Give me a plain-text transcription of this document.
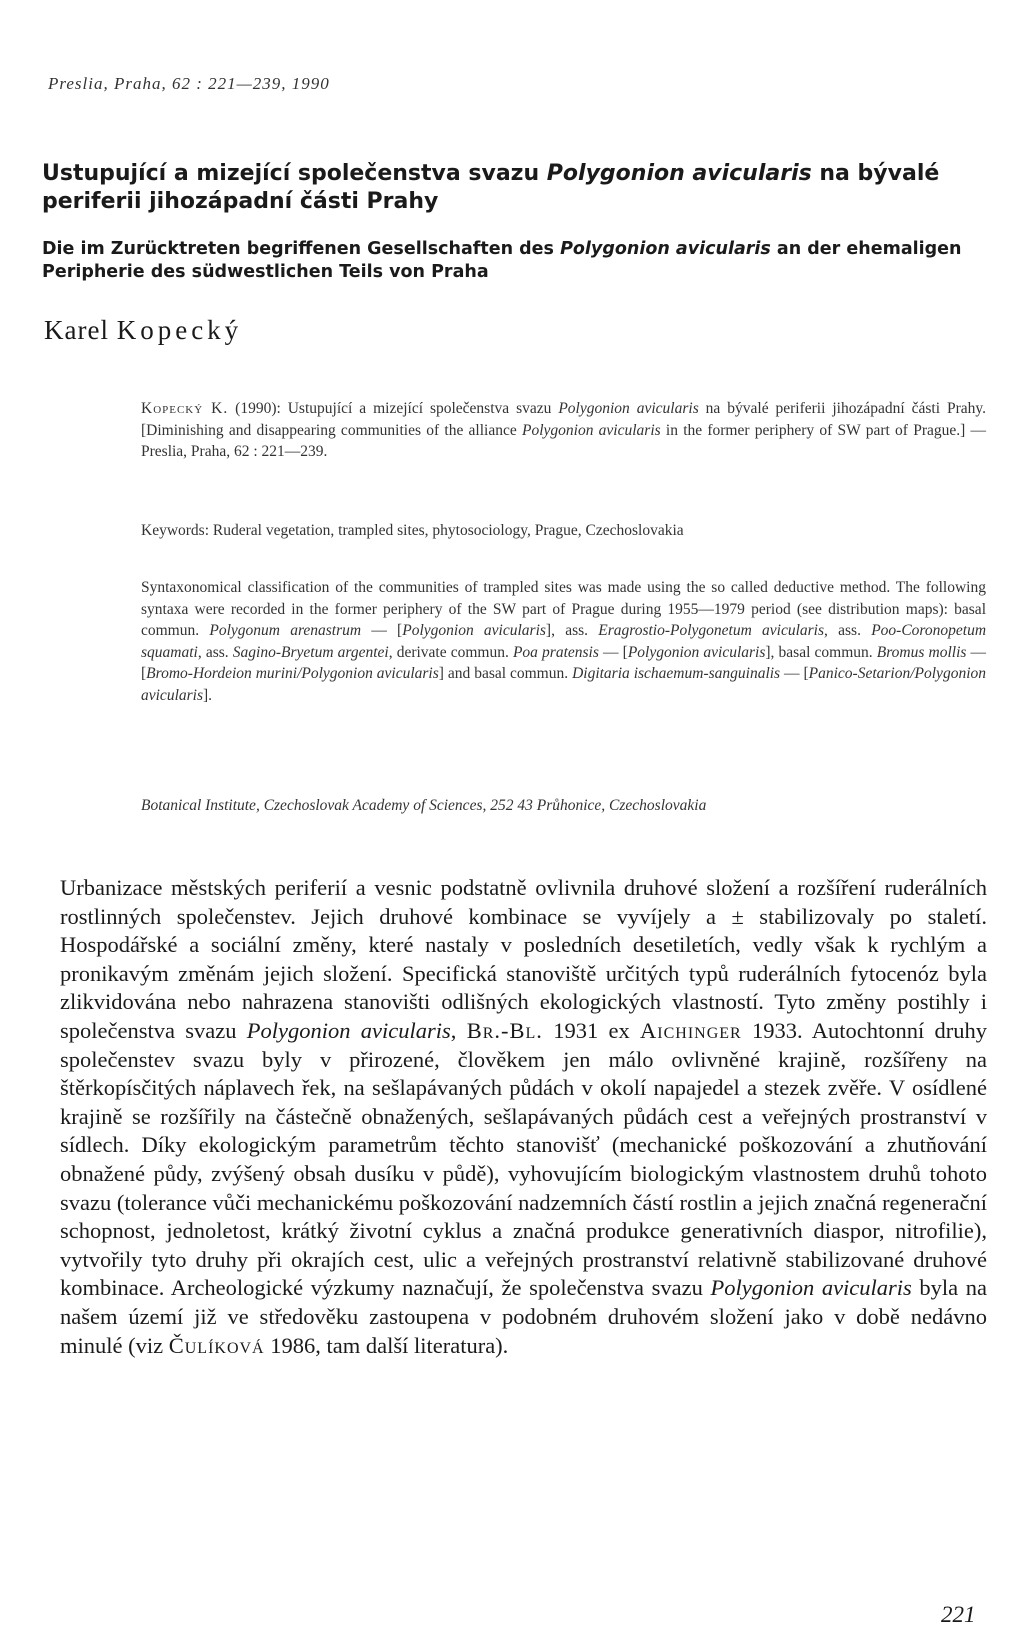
Preslia, Praha, 62 : 221—239, 1990
Ustupující a mizející společenstva svazu Polygonion avicularis na bývalé periferii jihozápadní části Prahy
Die im Zurücktreten begriffenen Gesellschaften des Polygonion avicularis an der ehemaligen Peripherie des südwestlichen Teils von Praha
Karel Kopecký
Kopecký K. (1990): Ustupující a mizející společenstva svazu Polygonion avicularis na bývalé periferii jihozápadní části Prahy. [Diminishing and disappearing communities of the alliance Polygonion avicularis in the former periphery of SW part of Prague.] — Preslia, Praha, 62 : 221—239.
Keywords: Ruderal vegetation, trampled sites, phytosociology, Prague, Czechoslovakia
Syntaxonomical classification of the communities of trampled sites was made using the so called deductive method. The following syntaxa were recorded in the former periphery of the SW part of Prague during 1955—1979 period (see distribution maps): basal commun. Polygonum arenastrum — [Polygonion avicularis], ass. Eragrostio-Polygonetum avicularis, ass. Poo-Coronopetum squamati, ass. Sagino-Bryetum argentei, derivate commun. Poa pratensis — [Polygonion avicularis], basal commun. Bromus mollis — [Bromo-Hordeion murini/Polygonion avicularis] and basal commun. Digitaria ischaemum-sanguinalis — [Panico-Setarion/Polygonion avicularis].
Botanical Institute, Czechoslovak Academy of Sciences, 252 43 Průhonice, Czechoslovakia
Urbanizace městských periferií a vesnic podstatně ovlivnila druhové složení a rozšíření ruderálních rostlinných společenstev. Jejich druhové kombinace se vyvíjely a ± stabilizovaly po staletí. Hospodářské a sociální změny, které nastaly v posledních desetiletích, vedly však k rychlým a pronikavým změnám jejich složení. Specifická stanoviště určitých typů ruderálních fytocenóz byla zlikvidována nebo nahrazena stanovišti odlišných ekologických vlastností. Tyto změny postihly i společenstva svazu Polygonion avicularis, Br.-Bl. 1931 ex Aichinger 1933. Autochtonní druhy společenstev svazu byly v přirozené, člověkem jen málo ovlivněné krajině, rozšířeny na štěrkopísčitých náplavech řek, na sešlapávaných půdách v okolí napajedel a stezek zvěře. V osídlené krajině se rozšířily na částečně obnažených, sešlapávaných půdách cest a veřejných prostranství v sídlech. Díky ekologickým parametrům těchto stanovišť (mechanické poškozování a zhutňování obnažené půdy, zvýšený obsah dusíku v půdě), vyhovujícím biologickým vlastnostem druhů tohoto svazu (tolerance vůči mechanickému poškozování nadzemních částí rostlin a jejich značná regenerační schopnost, jednoletost, krátký životní cyklus a značná produkce generativních diaspor, nitrofilie), vytvořily tyto druhy při okrajích cest, ulic a veřejných prostranství relativně stabilizované druhové kombinace. Archeologické výzkumy naznačují, že společenstva svazu Polygonion avicularis byla na našem území již ve středověku zastoupena v podobném druhovém složení jako v době nedávno minulé (viz Čulíková 1986, tam další literatura).
221
